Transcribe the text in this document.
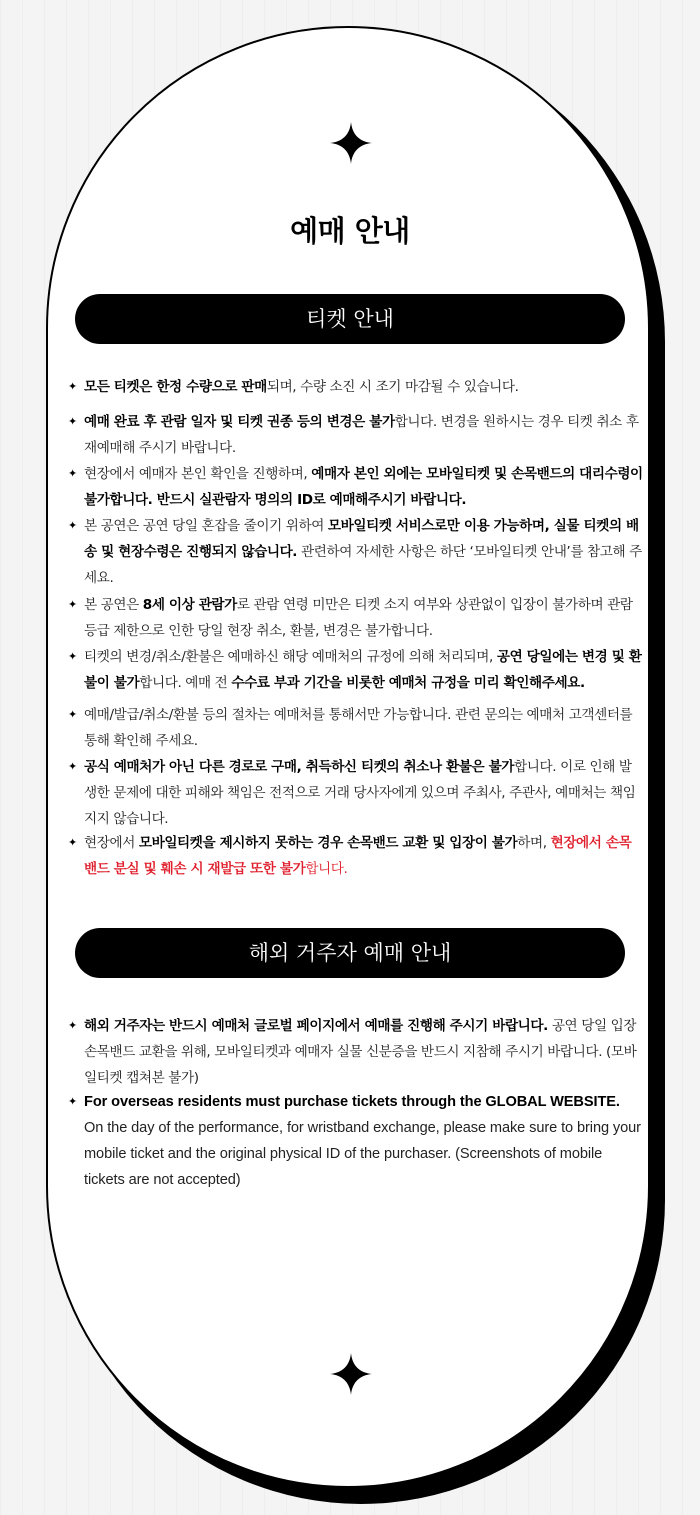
예매 안내
티켓 안내
✦ 모든 티켓은 한정 수량으로 판매되며, 수량 소진 시 조기 마감될 수 있습니다.
✦ 예매 완료 후 관람 일자 및 티켓 권종 등의 변경은 불가합니다. 변경을 원하시는 경우 티켓 취소 후 재예매해 주시기 바랍니다.
✦ 현장에서 예매자 본인 확인을 진행하며, 예매자 본인 외에는 모바일티켓 및 손목밴드의 대리수령이 불가합니다. 반드시 실관람자 명의의 ID로 예매해주시기 바랍니다.
✦ 본 공연은 공연 당일 혼잡을 줄이기 위하여 모바일티켓 서비스로만 이용 가능하며, 실물 티켓의 배송 및 현장수령은 진행되지 않습니다. 관련하여 자세한 사항은 하단 ‘모바일티켓 안내’를 참고해 주세요.
✦ 본 공연은 8세 이상 관람가로 관람 연령 미만은 티켓 소지 여부와 상관없이 입장이 불가하며 관람 등급 제한으로 인한 당일 현장 취소, 환불, 변경은 불가합니다.
✦ 티켓의 변경/취소/환불은 예매하신 해당 예매처의 규정에 의해 처리되며, 공연 당일에는 변경 및 환불이 불가합니다. 예매 전 수수료 부과 기간을 비롯한 예매처 규정을 미리 확인해주세요.
✦ 예매/발급/취소/환불 등의 절차는 예매처를 통해서만 가능합니다. 관련 문의는 예매처 고객센터를 통해 확인해 주세요.
✦ 공식 예매처가 아닌 다른 경로로 구매, 취득하신 티켓의 취소나 환불은 불가합니다. 이로 인해 발생한 문제에 대한 피해와 책임은 전적으로 거래 당사자에게 있으며 주최사, 주관사, 예매처는 책임지지 않습니다.
✦ 현장에서 모바일티켓을 제시하지 못하는 경우 손목밴드 교환 및 입장이 불가하며, 현장에서 손목밴드 분실 및 훼손 시 재발급 또한 불가합니다.
해외 거주자 예매 안내
✦ 해외 거주자는 반드시 예매처 글로벌 페이지에서 예매를 진행해 주시기 바랍니다. 공연 당일 입장 손목밴드 교환을 위해, 모바일티켓과 예매자 실물 신분증을 반드시 지참해 주시기 바랍니다. (모바일티켓 캡쳐본 불가)
✦ For overseas residents must purchase tickets through the GLOBAL WEBSITE. On the day of the performance, for wristband exchange, please make sure to bring your mobile ticket and the original physical ID of the purchaser. (Screenshots of mobile tickets are not accepted)
